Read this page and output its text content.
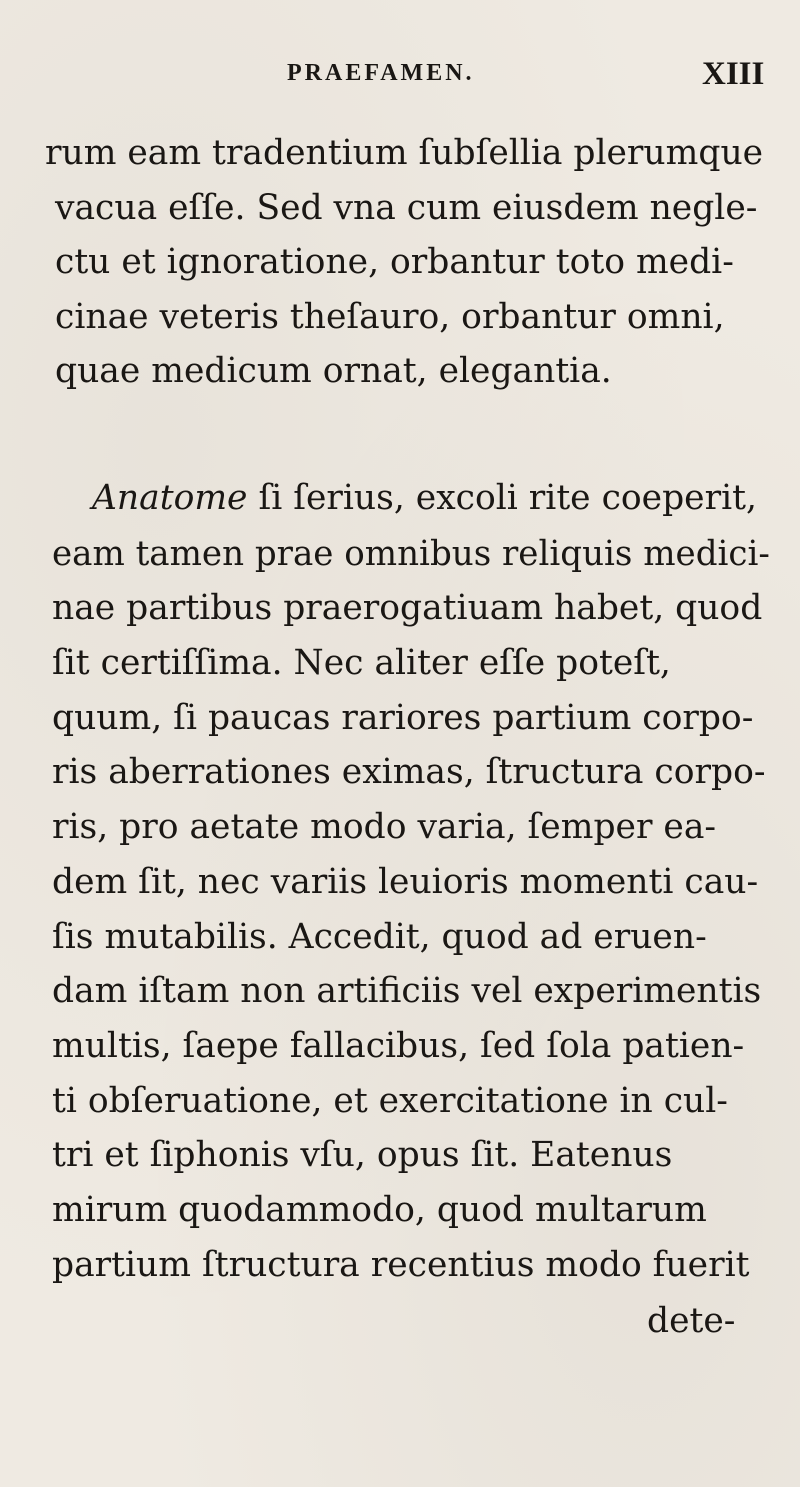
PRAEFAMEN.	XIII
rum eam tradentium ſubſellia plerumque
vacua eſſe. Sed vna cum eiusdem negle-
ctu et ignoratione, orbantur toto medi-
cinae veteris theſauro, orbantur omni,
quae medicum ornat, elegantia.
Anatome ſi ſerius, excoli rite coeperit,
eam tamen prae omnibus reliquis medici-
nae partibus praerogatiuam habet, quod
ſit certiſſima. Nec aliter eſſe poteſt,
quum, ſi paucas rariores partium corpo-
ris aberrationes eximas, ſtructura corpo-
ris, pro aetate modo varia, ſemper ea-
dem ſit, nec variis leuioris momenti cau-
ſis mutabilis. Accedit, quod ad eruen-
dam iſtam non artificiis vel experimentis
multis, ſaepe fallacibus, ſed ſola patien-
ti obſeruatione, et exercitatione in cul-
tri et ſiphonis vſu, opus ſit. Eatenus
mirum quodammodo, quod multarum
partium ſtructura recentius modo fuerit
dete-
